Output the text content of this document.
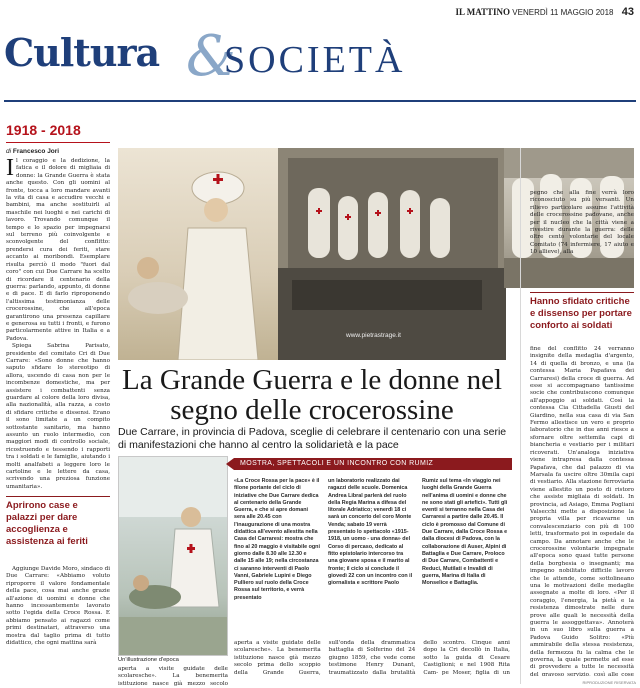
IL MATTINO VENERDÌ 11 MAGGIO 2018 43
Cultura &
SOCIETÀ
1918 - 2018
di Francesco Jori
I l coraggio e la dedizione, la fatica e il dolore di migliaia di donne: la Grande Guerra è stata anche questo. Con gli uomini al fronte, tocca a loro mandare avanti la vita di casa e accudire vecchi e bambini, ma anche sostituirli al maschile nei luoghi e nei carichi di lavoro. Trovando comunque il tempo e lo spazio per impegnarsi sul terreno più coinvolgente e sconvolgente del conflitto: prendersi cura dei feriti, stare accanto ai moribondi. Esemplare risulta perciò il modo "fuori dal coro" con cui Due Carrare ha scelto di ricordare il centenario della guerra: parlando, appunto, di donne e di pace. E di farlo riproponendo l'altissima testimonianza delle crocerossine, che all'epoca garantirono una presenza capillare e generosa su tutti i fronti, e furono particolarmente attive in Italia e a Padova.
Spiega Sabrina Parisato, presidente del comitato Cri di Due Carrare: «Sono donne che hanno saputo sfidare lo stereotipo di allora, uscendo di casa non per le incombenze domestiche, ma per assistere i combattenti senza guardare al colore della loro divisa, alla nazionalità, alla razza, a costo di sfidare critiche e dissensi. Erano il sono limitate a un compito sottostante sanitario, ma hanno assunto un ruolo intermedio, con maggiori modi di controllo sociale, ricostruendo e tessendo i rapporti tra i soldati e le famiglie, aiutando i molti analfabeti a leggere loro le cartoline e le lettere da casa, scrivendo una preziosa funzione umanitaria».
Aprirono case e palazzi per dare accoglienza e assistenza ai feriti
Aggiunge Davide Moro, sindaco di Due Carrare: «Abbiamo voluto riproporre il valore fondamentale della pace, cosa mai anche grazie all'azione di uomini e donne che hanno incessantemente lavorato sotto l'egida della Croce Rossa. E abbiamo pensato ai ragazzi come primi destinatari, attraverso una mostra dal taglio prima di tutto didattico, che ogni mattina sarà
www.pietrastrage.it
La Grande Guerra e le donne nel segno delle crocerossine
Due Carrare, in provincia di Padova, sceglie di celebrare il centenario con una serie di manifestazioni che hanno al centro la solidarietà e la pace
Un'illustrazione d'epoca
aperta a visite guidate delle scolaresche». La benemerita istituzione nasce già mezzo secolo
MOSTRA, SPETTACOLI E UN INCONTRO CON RUMIZ
«La Croce Rossa per la pace» è il filone portante del ciclo di iniziative che Due Carrare dedica al centenario della Grande Guerra, e che si apre domani sera alle 20.45 con l'inaugurazione di una mostra didattica all'evento allestita nella Casa del Carraresi: mostra che fino al 20 maggio è visitabile ogni giorno dalle 8.30 alle 12.30 e dalle 15 alle 19; nella circostanza ci saranno interventi di Paolo Vanni, Gabriele Lupini e Diego Pulliero sul ruolo della Croce Rossa sul territorio, e verrà presentato
un laboratorio realizzato dai ragazzi delle scuole. Domenica Andrea Libral parlerà del ruolo della Regia Marina a difesa del litorale Adriatico; venerdì 18 ci sarà un concerto del coro Monte Venda; sabato 19 verrà presentato lo spettacolo «1915-1918, un uomo - una donna» del Corso di percaso, dedicato al fitto epistolario intercorso tra una giovane sposa e il marito al fronte; il ciclo si conclude il giovedì 22 con un incontro con il giornalista e scrittore Paolo
Rumiz sul tema «In viaggio nei luoghi della Grande Guerra nell'anima di uomini e donne che ne sono stati gli artefici». Tutti gli eventi si terranno nella Casa dei Carraresi a partire dalle 20.45. Il ciclo è promosso dal Comune di Due Carrare, dalla Croce Rossa e dalla diocesi di Padova, con la collaborazione di Auser, Alpini di Battaglia e Due Carrare, Proloco di Due Carrare, Combattenti e Reduci, Mutilati e Invalidi di guerra, Marina di Italia di Monselice e Battaglia.
aperta a visite guidate delle scolaresche». La benemerita istituzione nasce già mezzo secolo prima dello scoppio della Grande Guerra, sull'onda della drammatica battaglia di Solferino del 24 giugno 1859, che vede come testimone Henry Dunant, traumatizzato dalla brutalità dello scontro. Cinque anni dopo la Cri decollò in Italia, sotto la guida di Cesare Castiglioni; e nel 1908 Rita Cam- pe Moser, figlia di un
pegno che alla fine verrà loro riconosciuto su più versanti. Un rilievo particolare assume l'attività delle crocerossine padovane, anche per il nucleo che la città viene a rivestire durante la guerra: delle oltre cento volontarie del locale Comitato (74 infermiere, 17 aiuto e 10 allieve), alla
Hanno sfidato critiche e dissenso per portare conforto ai soldati
fine del conflitto 24 verranno insignite della medaglia d'argento, 14 di quella di bronzo, e una (la contessa Maria Papafava dei Carraresi) della croce di guerra. Ad esse si accompagnano tantissime socie che contribuiscono comunque all'appoggio ai soldati. Così la contessa Cia Cittadella Giusti del Giardino, nella sua casa di via San Fermo allestisce un vero e proprio laboratorio che in due anni riesce a sfornare oltre settemila capi di biancheria e vestiario per i militari ricoverati. Un'analoga iniziativa viene intrapresa dalla contessa Papafava, che dal palazzo di via Marsala fa uscire oltre 30mila capi di vestiario. Alla stazione ferroviaria viene allestito un posto di ristoro che assiste migliaia di soldati. In provincia, ad Asiago, Emma Pogliani Valsecchi mette a disposizione la propria villa per ricavarne un convalescenziario con più di 100 letti, trasformato poi in ospedale da campo. Da annotare anche che le crocerossine volontarie impegnate all'epoca sono quasi tutte persone della borghesia o insegnanti; ma impegno nobilitato difficile lavoro che le attende, come sottolineano una le motivazioni delle medaglie assegnate a molte di loro. «Per il coraggio, l'energia, la pietà e la resistenza dimostrate nelle dure prove alle quali le necessità della guerra le assoggettava». Annoterà in un suo libro sulla guerra a Padova Guido Solitro: «Più ammirabile della stessa resistenza, della fermezza fu la calma che le governa, la quale permette ad esse di provvedere a tutte le necessità del gravoso servizio, così alle cose
RIPRODUZIONE RISERVATA
